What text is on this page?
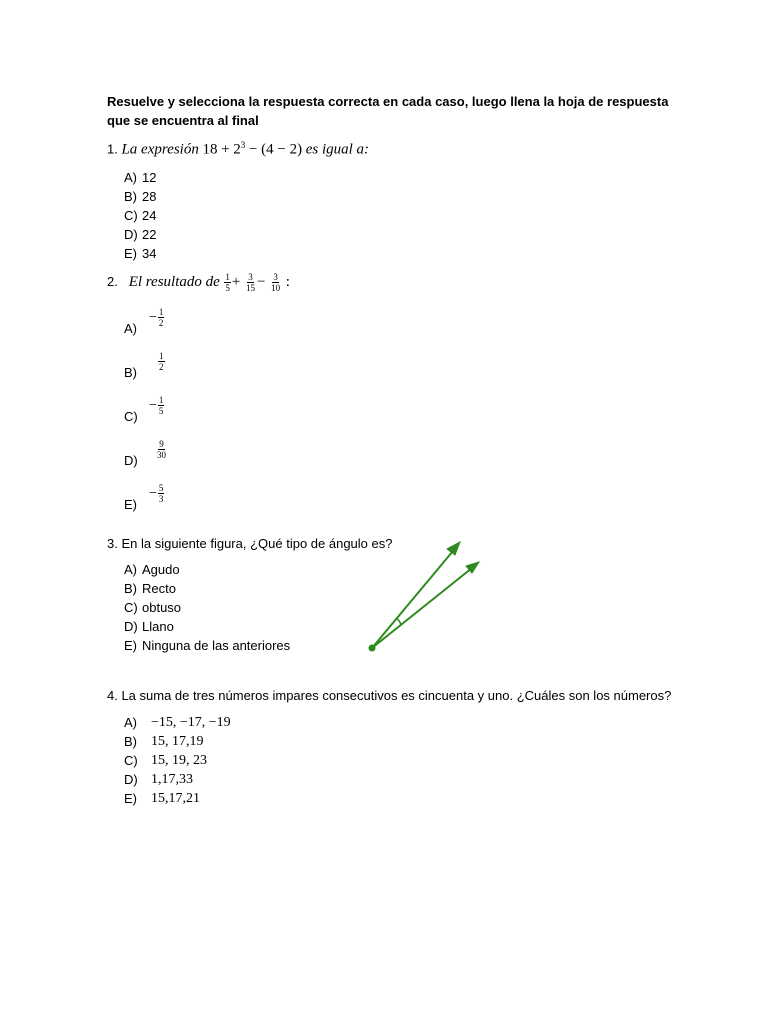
Resuelve y selecciona la respuesta correcta en cada caso, luego llena la hoja de respuesta que se encuentra al final
1. La expresión $18 + 2^3 - (4 - 2)$ es igual a:
A) 12
B) 28
C) 24
D) 22
E) 34
2. El resultado de $\frac{1}{5} + \frac{3}{15} - \frac{3}{10}$ :
A)
− $\frac{1}{2}$
B)
$\frac{1}{2}$
C)
− $\frac{1}{5}$
D)
$\frac{9}{30}$
E)
− $\frac{5}{3}$
3. En la siguiente figura, ¿Qué tipo de ángulo es?
A) Agudo
B) Recto
C) obtuso
D) Llano
E) Ninguna de las anteriores
4. La suma de tres números impares consecutivos es cincuenta y uno. ¿Cuáles son los números?
A) −15, −17, −19
B) 15, 17,19
C) 15, 19, 23
D) 1,17,33
E) 15,17,21
